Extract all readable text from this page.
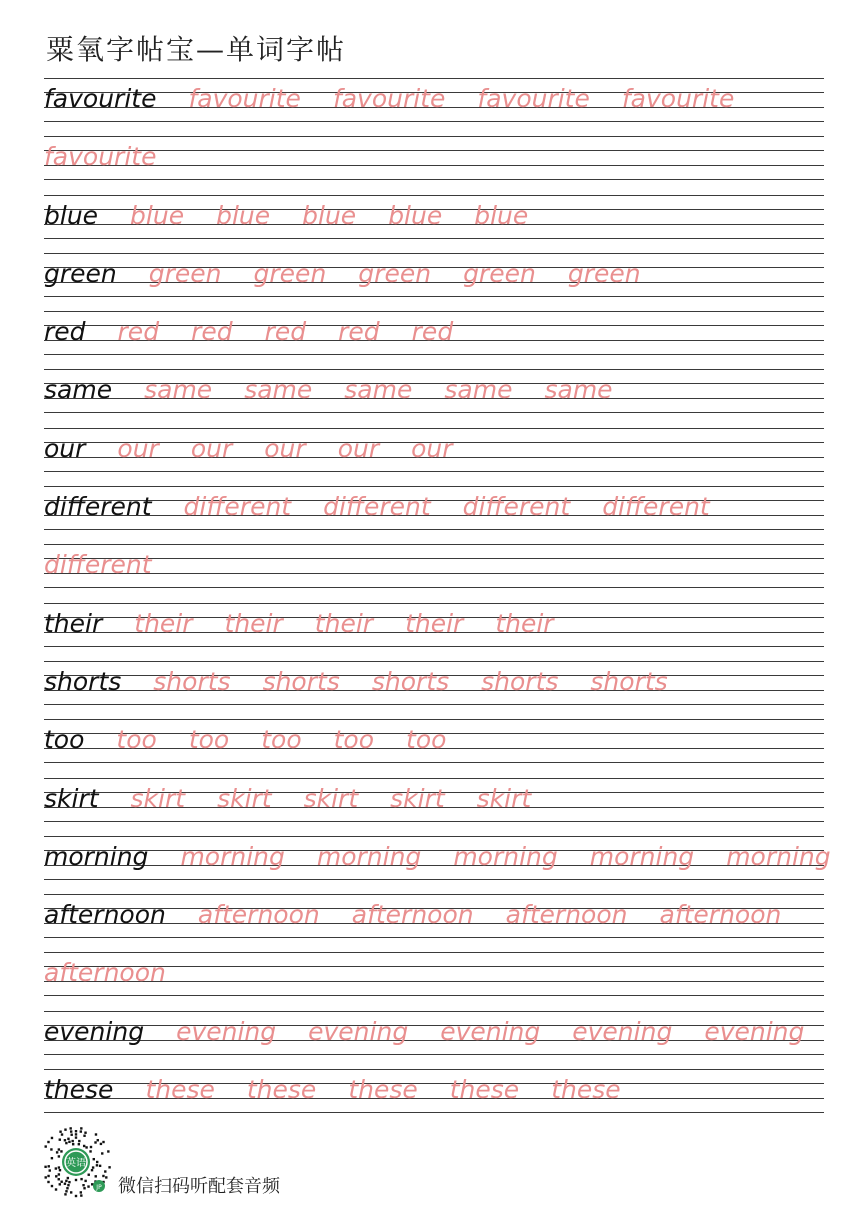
粟氧字帖宝—单词字帖
favourite favourite favourite favourite favourite
favourite
blue blue blue blue blue blue
green green green green green green
red red red red red red
same same same same same same
our our our our our our
different different different different different
different
their their their their their their
shorts shorts shorts shorts shorts shorts
too too too too too too
skirt skirt skirt skirt skirt skirt
morning morning morning morning morning morning
afternoon afternoon afternoon afternoon afternoon
afternoon
evening evening evening evening evening evening
these these these these these these
英语
JP 微信扫码听配套音频
